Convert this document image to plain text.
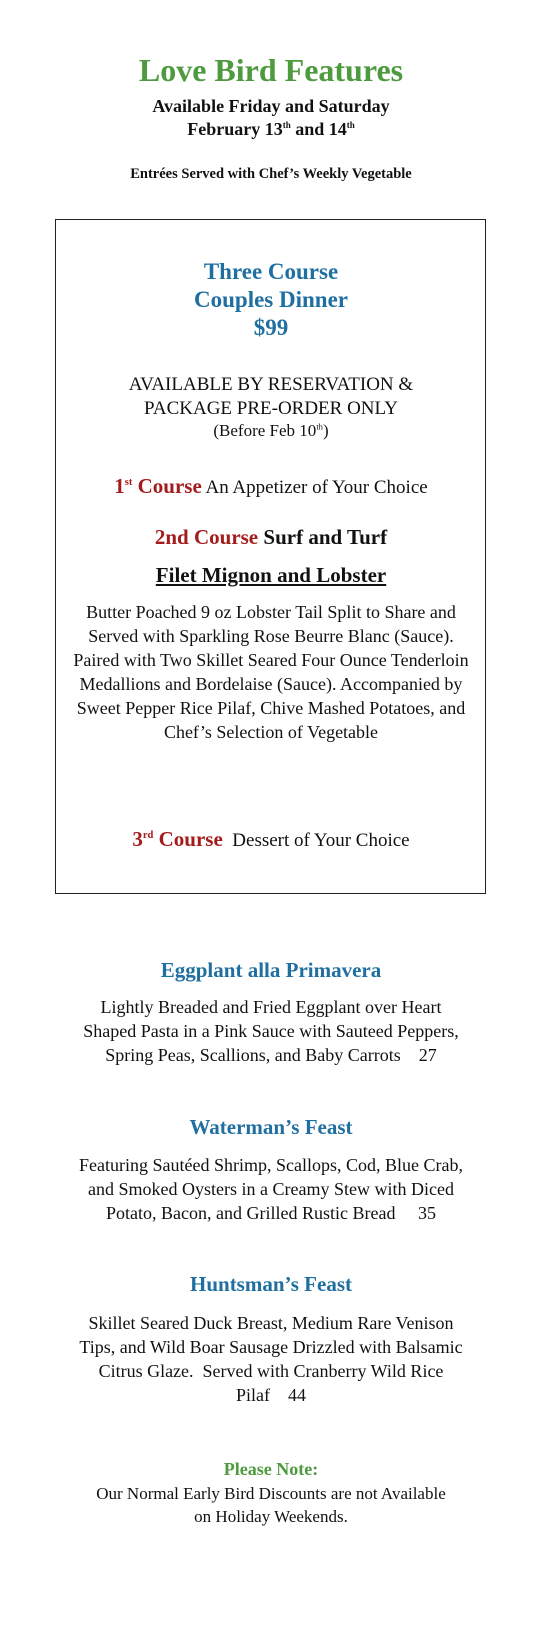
Love Bird Features
Available Friday and Saturday
February 13th and 14th
Entrées Served with Chef’s Weekly Vegetable
Three Course
Couples Dinner
$99
AVAILABLE BY RESERVATION &
PACKAGE PRE-ORDER ONLY
(Before Feb 10th)
1st Course An Appetizer of Your Choice
2nd Course Surf and Turf
Filet Mignon and Lobster
Butter Poached 9 oz Lobster Tail Split to Share and Served with Sparkling Rose Beurre Blanc (Sauce). Paired with Two Skillet Seared Four Ounce Tenderloin Medallions and Bordelaise (Sauce). Accompanied by Sweet Pepper Rice Pilaf, Chive Mashed Potatoes, and Chef’s Selection of Vegetable
3rd Course  Dessert of Your Choice
Eggplant alla Primavera
Lightly Breaded and Fried Eggplant over Heart Shaped Pasta in a Pink Sauce with Sauteed Peppers, Spring Peas, Scallions, and Baby Carrots 27
Waterman’s Feast
Featuring Sautéed Shrimp, Scallops, Cod, Blue Crab, and Smoked Oysters in a Creamy Stew with Diced Potato, Bacon, and Grilled Rustic Bread 35
Huntsman’s Feast
Skillet Seared Duck Breast, Medium Rare Venison Tips, and Wild Boar Sausage Drizzled with Balsamic Citrus Glaze.  Served with Cranberry Wild Rice Pilaf 44
Please Note:
Our Normal Early Bird Discounts are not Available on Holiday Weekends.
